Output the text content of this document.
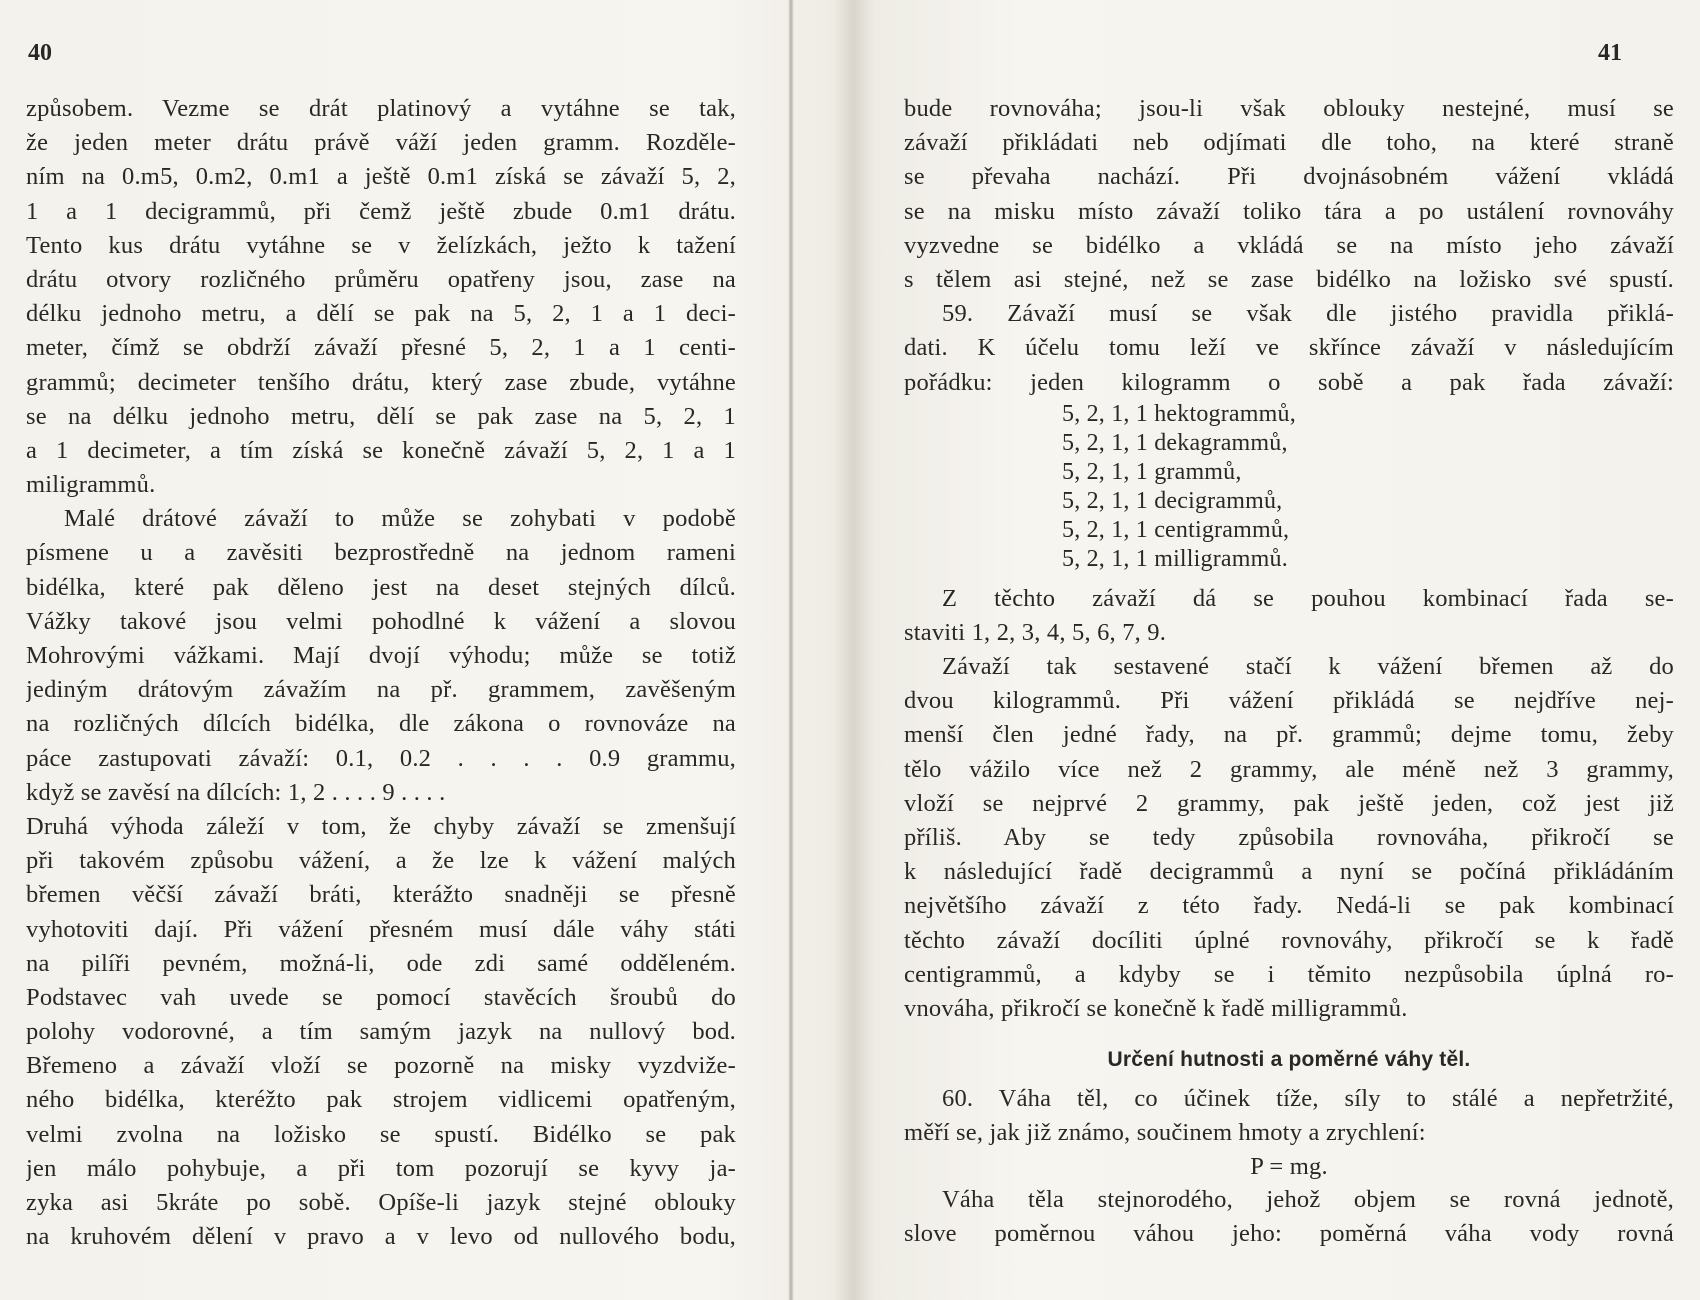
40
způsobem. Vezme se drát platinový a vytáhne se tak,
že jeden meter drátu právě váží jeden gramm. Rozděle-
ním na 0.m5, 0.m2, 0.m1 a ještě 0.m1 získá se závaží 5, 2,
1 a 1 decigrammů, při čemž ještě zbude 0.m1 drátu.
Tento kus drátu vytáhne se v želízkách, ježto k tažení
drátu otvory rozličného průměru opatřeny jsou, zase na
délku jednoho metru, a dělí se pak na 5, 2, 1 a 1 deci-
meter, čímž se obdrží závaží přesné 5, 2, 1 a 1 centi-
grammů; decimeter tenšího drátu, který zase zbude, vytáhne
se na délku jednoho metru, dělí se pak zase na 5, 2, 1
a 1 decimeter, a tím získá se konečně závaží 5, 2, 1 a 1
miligrammů.
Malé drátové závaží to může se zohybati v podobě
písmene u a zavěsiti bezprostředně na jednom rameni
bidélka, které pak děleno jest na deset stejných dílců.
Vážky takové jsou velmi pohodlné k vážení a slovou
Mohrovými vážkami. Mají dvojí výhodu; může se totiž
jediným drátovým závažím na př. grammem, zavěšeným
na rozličných dílcích bidélka, dle zákona o rovnováze na
páce zastupovati závaží: 0.1, 0.2 . . . . 0.9 grammu,
když se zavěsí na dílcích: 1, 2 . . . . 9 . . . .
Druhá výhoda záleží v tom, že chyby závaží se zmenšují
při takovém způsobu vážení, a že lze k vážení malých
břemen věčší závaží bráti, kterážto snadněji se přesně
vyhotoviti dají. Při vážení přesném musí dále váhy státi
na pilíři pevném, možná-li, ode zdi samé odděleném.
Podstavec vah uvede se pomocí stavěcích šroubů do
polohy vodorovné, a tím samým jazyk na nullový bod.
Břemeno a závaží vloží se pozorně na misky vyzdviže-
ného bidélka, kteréžto pak strojem vidlicemi opatřeným,
velmi zvolna na ložisko se spustí. Bidélko se pak
jen málo pohybuje, a při tom pozorují se kyvy ja-
zyka asi 5kráte po sobě. Opíše-li jazyk stejné oblouky
na kruhovém dělení v pravo a v levo od nullového bodu,
41
bude rovnováha; jsou-li však oblouky nestejné, musí se
závaží přikládati neb odjímati dle toho, na které straně
se převaha nachází. Při dvojnásobném vážení vkládá
se na misku místo závaží toliko tára a po ustálení rovnováhy
vyzvedne se bidélko a vkládá se na místo jeho závaží
s tělem asi stejné, než se zase bidélko na ložisko své spustí.
59. Závaží musí se však dle jistého pravidla přiklá-
dati. K účelu tomu leží ve skřínce závaží v následujícím
pořádku: jeden kilogramm o sobě a pak řada závaží:
5, 2, 1, 1 hektogrammů,
5, 2, 1, 1 dekagrammů,
5, 2, 1, 1 grammů,
5, 2, 1, 1 decigrammů,
5, 2, 1, 1 centigrammů,
5, 2, 1, 1 milligrammů.
Z těchto závaží dá se pouhou kombinací řada se-
staviti 1, 2, 3, 4, 5, 6, 7, 9.
Závaží tak sestavené stačí k vážení břemen až do
dvou kilogrammů. Při vážení přikládá se nejdříve nej-
menší člen jedné řady, na př. grammů; dejme tomu, žeby
tělo vážilo více než 2 grammy, ale méně než 3 grammy,
vloží se nejprvé 2 grammy, pak ještě jeden, což jest již
příliš. Aby se tedy způsobila rovnováha, přikročí se
k následující řadě decigrammů a nyní se počíná přikládáním
největšího závaží z této řady. Nedá-li se pak kombinací
těchto závaží docíliti úplné rovnováhy, přikročí se k řadě
centigrammů, a kdyby se i těmito nezpůsobila úplná ro-
vnováha, přikročí se konečně k řadě milligrammů.
Určení hutnosti a poměrné váhy těl.
60. Váha těl, co účinek tíže, síly to stálé a nepřetržité,
měří se, jak již známo, součinem hmoty a zrychlení:
P = mg.
Váha těla stejnorodého, jehož objem se rovná jednotě,
slove poměrnou váhou jeho: poměrná váha vody rovná
